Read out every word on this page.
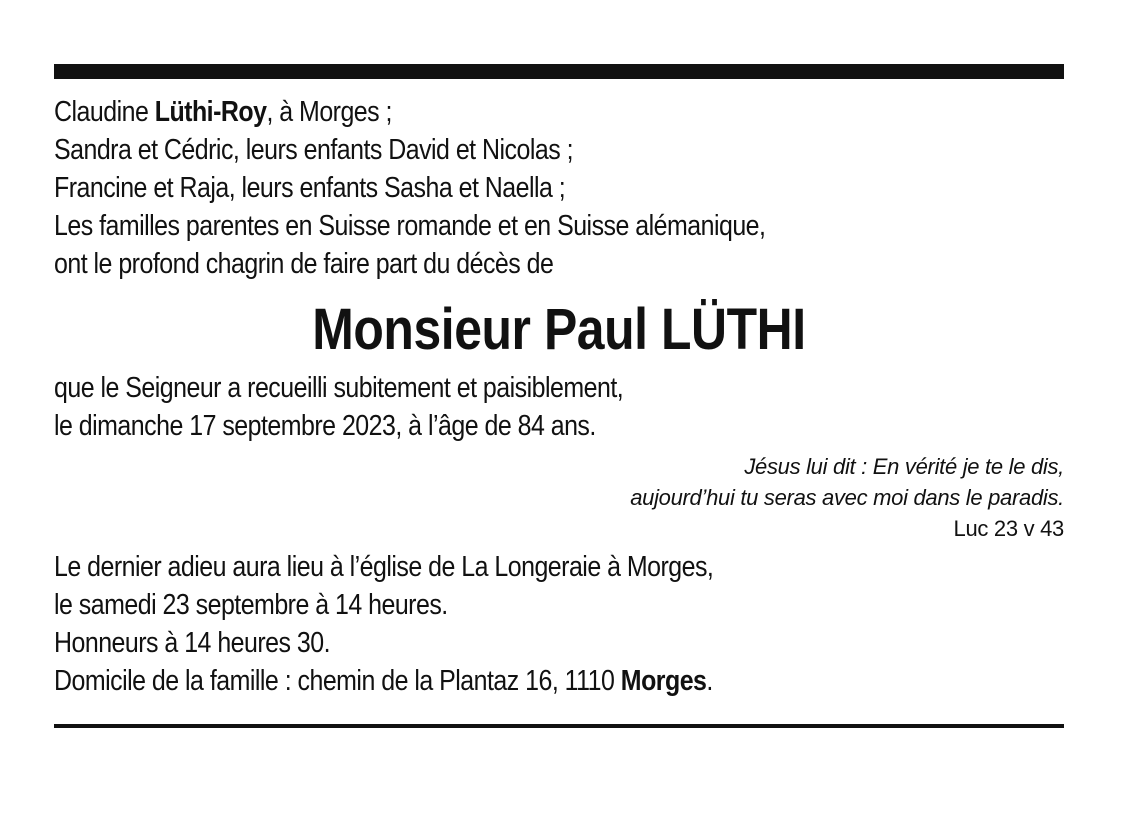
Claudine Lüthi-Roy, à Morges ;
Sandra et Cédric, leurs enfants David et Nicolas ;
Francine et Raja, leurs enfants Sasha et Naella ;
Les familles parentes en Suisse romande et en Suisse alémanique,
ont le profond chagrin de faire part du décès de
Monsieur Paul LÜTHI
que le Seigneur a recueilli subitement et paisiblement,
le dimanche 17 septembre 2023, à l’âge de 84 ans.
Jésus lui dit : En vérité je te le dis,
aujourd’hui tu seras avec moi dans le paradis.
Luc 23 v 43
Le dernier adieu aura lieu à l’église de La Longeraie à Morges,
le samedi 23 septembre à 14 heures.
Honneurs à 14 heures 30.
Domicile de la famille : chemin de la Plantaz 16, 1110 Morges.
